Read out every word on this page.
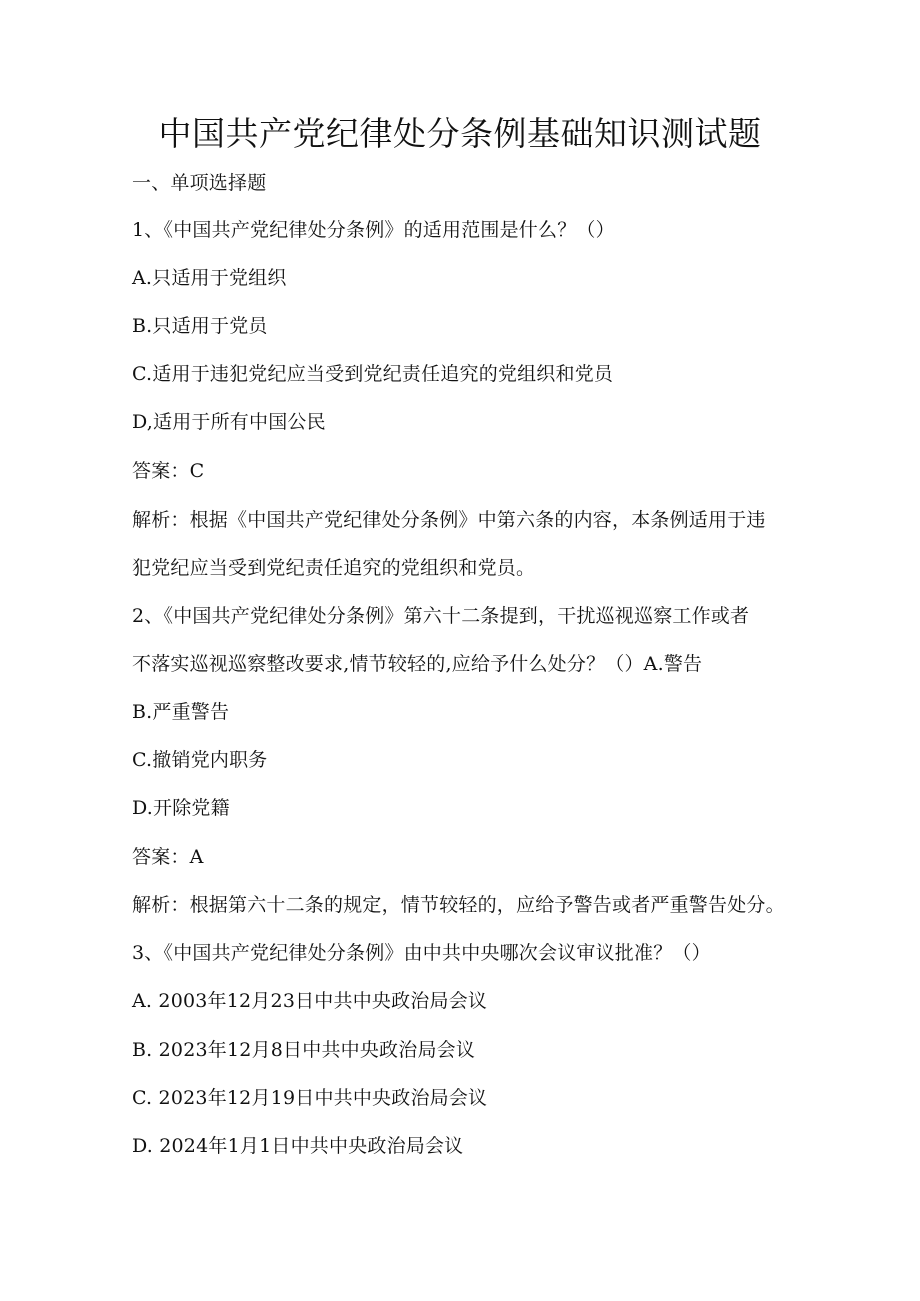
中国共产党纪律处分条例基础知识测试题
一、单项选择题
1、《中国共产党纪律处分条例》的适用范围是什么？（）
A.只适用于党组织
B.只适用于党员
C.适用于违犯党纪应当受到党纪责任追究的党组织和党员
D,适用于所有中国公民
答案：C
解析：根据《中国共产党纪律处分条例》中第六条的内容，本条例适用于违
犯党纪应当受到党纪责任追究的党组织和党员。
2、《中国共产党纪律处分条例》第六十二条提到，干扰巡视巡察工作或者
不落实巡视巡察整改要求,情节较轻的,应给予什么处分？（）A.警告
B.严重警告
C.撤销党内职务
D.开除党籍
答案：A
解析：根据第六十二条的规定，情节较轻的，应给予警告或者严重警告处分。
3、《中国共产党纪律处分条例》由中共中央哪次会议审议批准？（）
A. 2003年12月23日中共中央政治局会议
B. 2023年12月8日中共中央政治局会议
C. 2023年12月19日中共中央政治局会议
D. 2024年1月1日中共中央政治局会议
